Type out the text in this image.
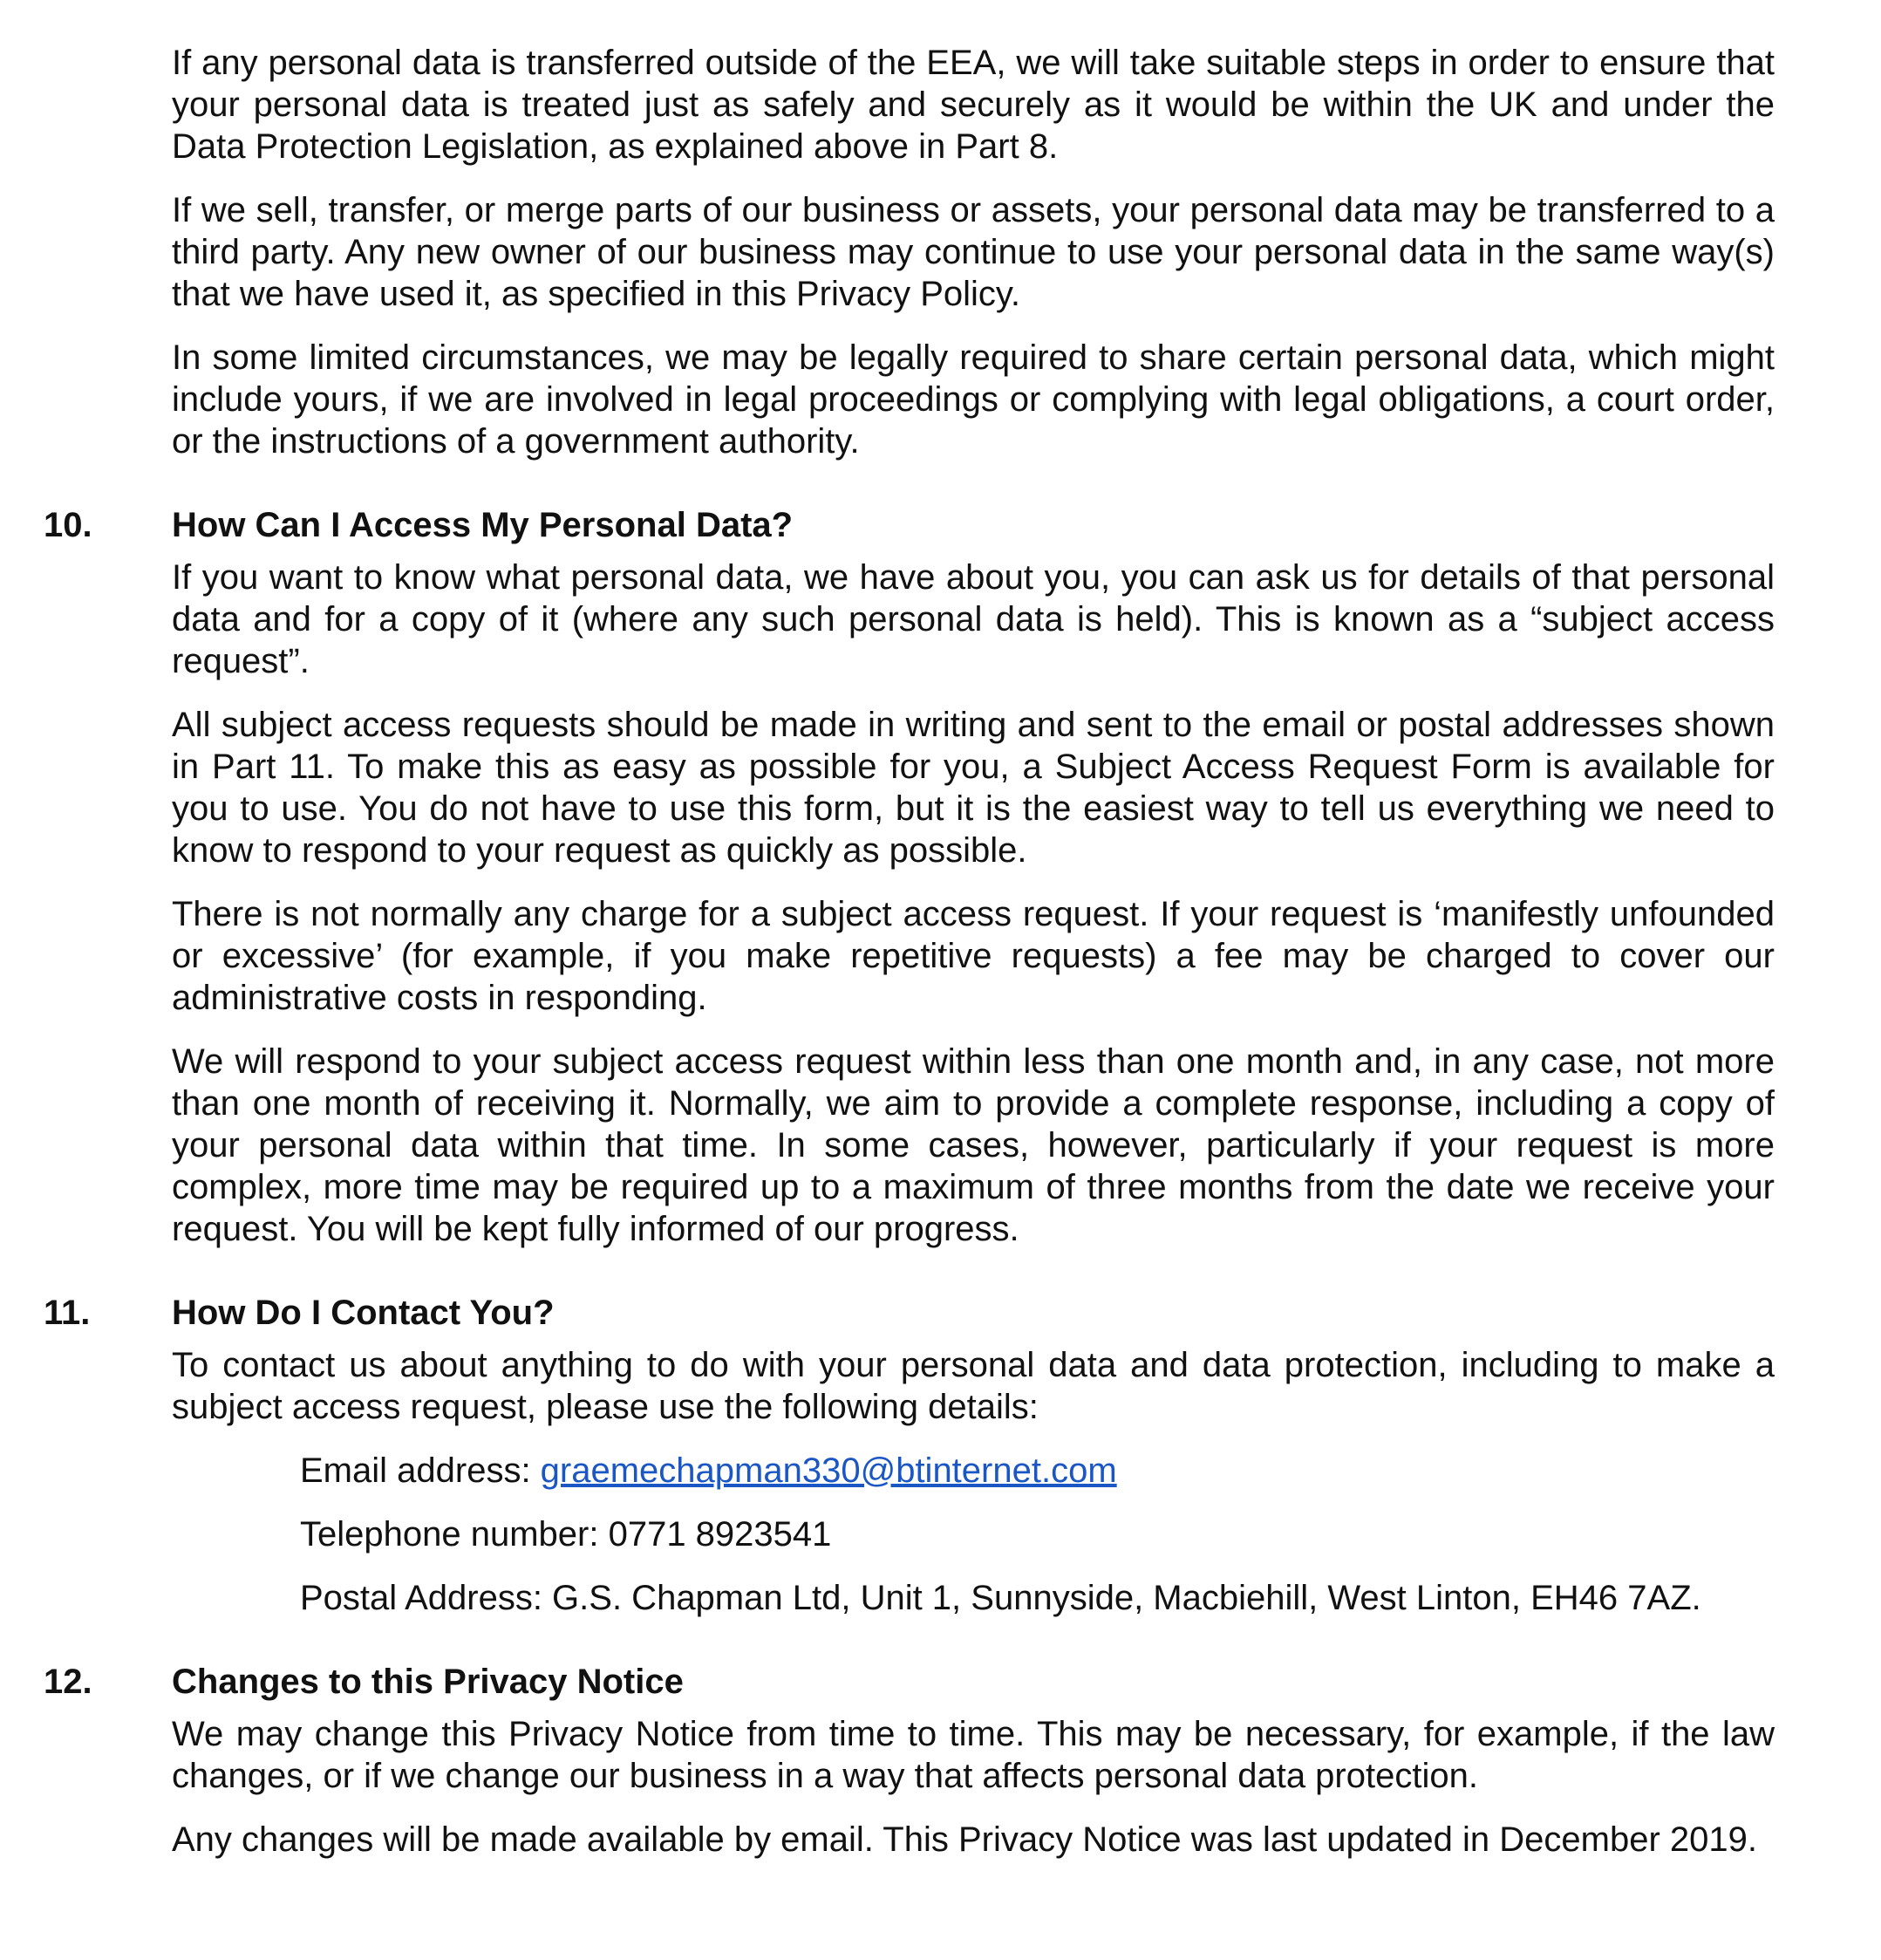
If any personal data is transferred outside of the EEA, we will take suitable steps in order to ensure that your personal data is treated just as safely and securely as it would be within the UK and under the Data Protection Legislation, as explained above in Part 8.

If we sell, transfer, or merge parts of our business or assets, your personal data may be transferred to a third party. Any new owner of our business may continue to use your personal data in the same way(s) that we have used it, as specified in this Privacy Policy.

In some limited circumstances, we may be legally required to share certain personal data, which might include yours, if we are involved in legal proceedings or complying with legal obligations, a court order, or the instructions of a government authority.

10.	How Can I Access My Personal Data?

If you want to know what personal data, we have about you, you can ask us for details of that personal data and for a copy of it (where any such personal data is held). This is known as a “subject access request”.

All subject access requests should be made in writing and sent to the email or postal addresses shown in Part 11. To make this as easy as possible for you, a Subject Access Request Form is available for you to use. You do not have to use this form, but it is the easiest way to tell us everything we need to know to respond to your request as quickly as possible.

There is not normally any charge for a subject access request. If your request is ‘manifestly unfounded or excessive’ (for example, if you make repetitive requests) a fee may be charged to cover our administrative costs in responding.

We will respond to your subject access request within less than one month and, in any case, not more than one month of receiving it. Normally, we aim to provide a complete response, including a copy of your personal data within that time. In some cases, however, particularly if your request is more complex, more time may be required up to a maximum of three months from the date we receive your request. You will be kept fully informed of our progress.

11.	How Do I Contact You?

To contact us about anything to do with your personal data and data protection, including to make a subject access request, please use the following details:

Email address: graemechapman330@btinternet.com
Telephone number: 0771 8923541
Postal Address: G.S. Chapman Ltd, Unit 1, Sunnyside, Macbiehill, West Linton, EH46 7AZ.
12.	Changes to this Privacy Notice

We may change this Privacy Notice from time to time. This may be necessary, for example, if the law changes, or if we change our business in a way that affects personal data protection.

Any changes will be made available by email. This Privacy Notice was last updated in December 2019.
